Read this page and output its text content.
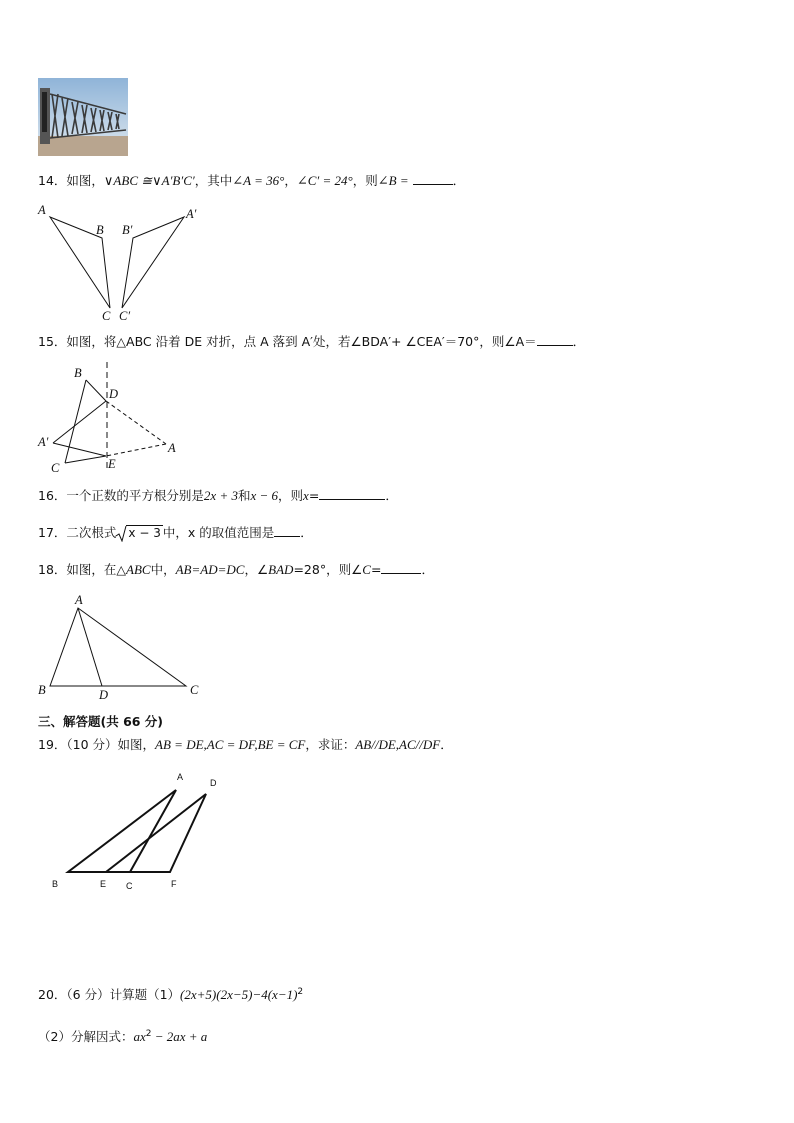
14．如图，∨ABC ≅∨A′B′C′，其中∠A = 36°，∠C′ = 24°，则∠B =	．
A
B
C
A′
B′
C′
15．如图，将△ABC 沿着 DE 对折，点 A 落到 A′处，若∠BDA′+ ∠CEA′＝70°，则∠A＝	．
B
D
A′	A
C	E
16．一个正数的平方根分别是2x + 3和x − 6，则x=	．
17．二次根式 x − 3 中，x 的取值范围是 ．
18．如图，在△ABC中，AB=AD=DC，∠BAD=28°，则∠C=	．
A
B	D	C
三、解答题(共 66 分)
19．（10 分）如图，AB = DE,AC = DF,BE = CF，求证：AB//DE,AC//DF．
A
D
B	E C	F
20．（6 分）计算题$(1)(2x+5)(2x-5)-4(x-1)^2$
（2）分解因式：$ax^2 - 2ax + a$
